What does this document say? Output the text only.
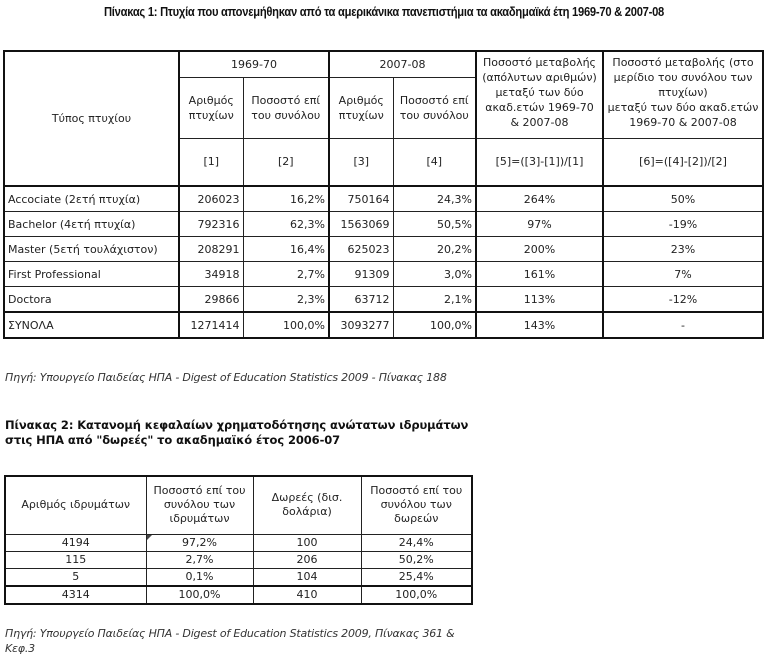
Πίνακας 1: Πτυχία που απονεμήθηκαν από τα αμερικάνικα πανεπιστήμια τα ακαδημαϊκά έτη 1969-70 & 2007-08
Τύπος πτυχίου	1969-70		2007-08		Ποσοστό μεταβολής (απόλυτων αριθμών) μεταξύ των δύο ακαδ.ετών 1969-70 & 2007-08	Ποσοστό μεταβολής (στο μερίδιο του συνόλου των πτυχίων)
μεταξύ των δύο ακαδ.ετών 1969-70 & 2007-08

	Αριθμός πτυχίων	Ποσοστό επί του συνόλου	Αριθμός πτυχίων	Ποσοστό επί του συνόλου		
	[1]	[2]	[3]	[4]	[5]=([3]-[1])/[1]	[6]=([4]-[2])/[2]
Accociate (2ετή πτυχία)	206023	16,2%	750164	24,3%	264%	50%
Bachelor (4ετή πτυχία)	792316	62,3%	1563069	50,5%	97%	-19%
Master (5ετή τουλάχιστον)	208291	16,4%	625023	20,2%	200%	23%
First Professional	34918	2,7%	91309	3,0%	161%	7%
Doctora	29866	2,3%	63712	2,1%	113%	-12%
ΣΥΝΟΛΑ	1271414	100,0%	3093277	100,0%	143%	-
Πηγή: Υπουργείο Παιδείας ΗΠΑ - Digest of Education Statistics 2009 - Πίνακας 188
Πίνακας 2: Κατανομή κεφαλαίων χρηματοδότησης ανώτατων ιδρυμάτων
στις ΗΠΑ από "δωρεές" το ακαδημαϊκό έτος 2006-07
Αριθμός ιδρυμάτων	Ποσοστό επί του συνόλου των ιδρυμάτων	Δωρεές (δισ. δολάρια)	Ποσοστό επί του συνόλου των δωρεών
4194	97,2%	100	24,4%
115	2,7%	206	50,2%
5	0,1%	104	25,4%
4314	100,0%	410	100,0%
Πηγή: Υπουργείο Παιδείας ΗΠΑ - Digest of Education Statistics 2009, Πίνακας 361 & Κεφ.3
